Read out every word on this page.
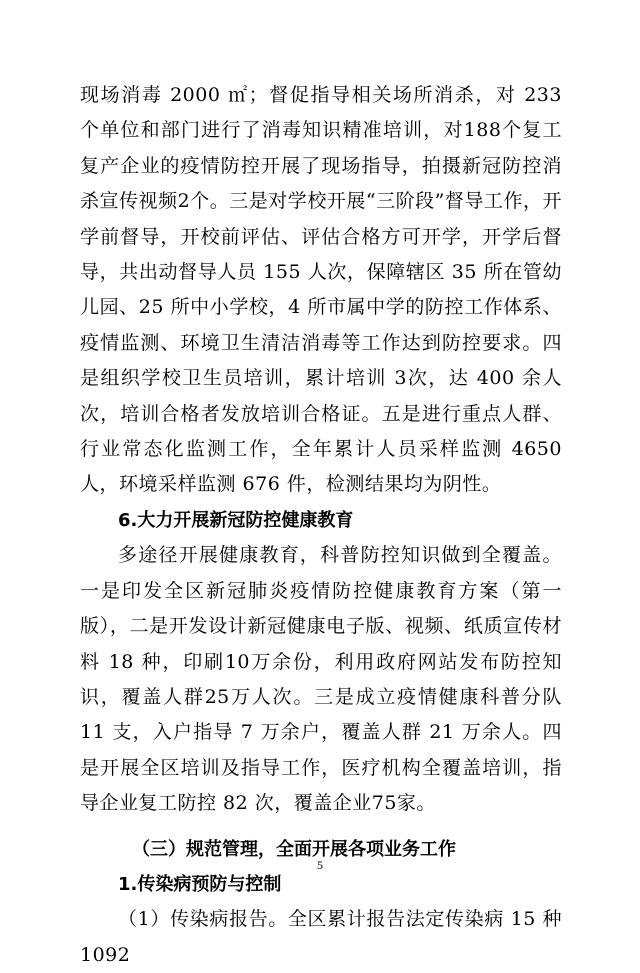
现场消毒 2000 ㎡；督促指导相关场所消杀，对 233 个单位和部门进行了消毒知识精准培训，对188个复工复产企业的疫情防控开展了现场指导，拍摄新冠防控消杀宣传视频2个。三是对学校开展“三阶段”督导工作，开学前督导，开校前评估、评估合格方可开学，开学后督导，共出动督导人员 155 人次，保障辖区 35 所在管幼儿园、25 所中小学校，4 所市属中学的防控工作体系、疫情监测、环境卫生清洁消毒等工作达到防控要求。四是组织学校卫生员培训，累计培训 3次，达 400 余人次，培训合格者发放培训合格证。五是进行重点人群、行业常态化监测工作，全年累计人员采样监测 4650人，环境采样监测 676 件，检测结果均为阴性。

6.大力开展新冠防控健康教育

多途径开展健康教育，科普防控知识做到全覆盖。一是印发全区新冠肺炎疫情防控健康教育方案（第一版），二是开发设计新冠健康电子版、视频、纸质宣传材料 18 种，印刷10万余份，利用政府网站发布防控知识，覆盖人群25万人次。三是成立疫情健康科普分队 11 支，入户指导 7 万余户，覆盖人群 21 万余人。四是开展全区培训及指导工作，医疗机构全覆盖培训，指导企业复工防控 82 次，覆盖企业75家。

（三）规范管理，全面开展各项业务工作

1.传染病预防与控制

（1）传染病报告。全区累计报告法定传染病 15 种 1092

5
